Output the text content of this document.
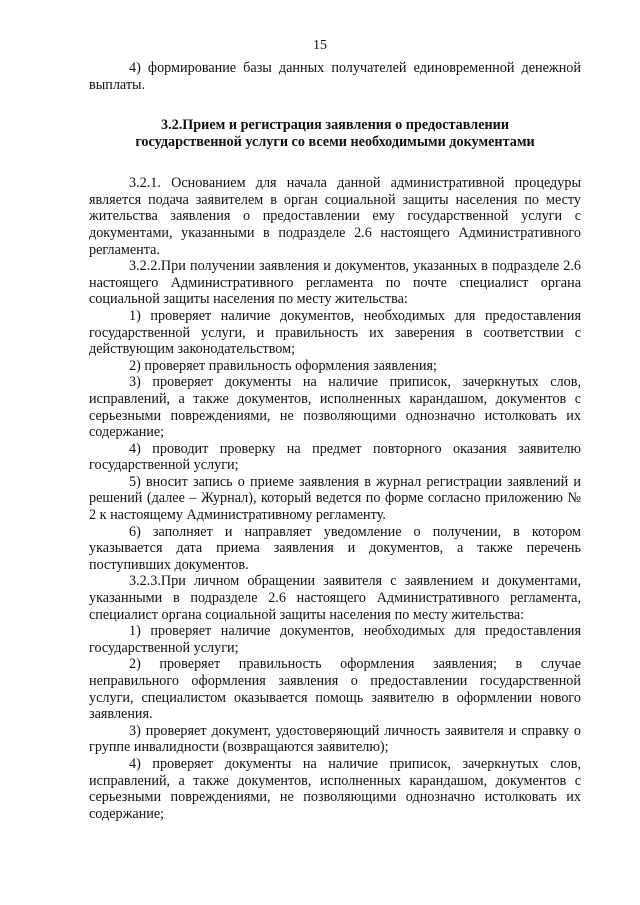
15

4) формирование базы данных получателей единовременной денежной выплаты.

3.2.Прием и регистрация заявления о предоставлении
государственной услуги со всеми необходимыми документами

3.2.1. Основанием для начала данной административной процедуры является подача заявителем в орган социальной защиты населения по месту жительства заявления о предоставлении ему государственной услуги с документами, указанными в подразделе 2.6 настоящего Административного регламента.

3.2.2.При получении заявления и документов, указанных в подразделе 2.6 настоящего Административного регламента по почте специалист органа социальной защиты населения по месту жительства:

1) проверяет наличие документов, необходимых для предоставления государственной услуги, и правильность их заверения в соответствии с действующим законодательством;

2) проверяет правильность оформления заявления;

3) проверяет документы на наличие приписок, зачеркнутых слов, исправлений, а также документов, исполненных карандашом, документов с серьезными повреждениями, не позволяющими однозначно истолковать их содержание;

4) проводит проверку на предмет повторного оказания заявителю государственной услуги;

5) вносит запись о приеме заявления в журнал регистрации заявлений и решений (далее – Журнал), который ведется по форме согласно приложению № 2 к настоящему Административному регламенту.

6) заполняет и направляет уведомление о получении, в котором указывается дата приема заявления и документов, а также перечень поступивших документов.

3.2.3.При личном обращении заявителя с заявлением и документами, указанными в подразделе 2.6 настоящего Административного регламента, специалист органа социальной защиты населения по месту жительства:

1) проверяет наличие документов, необходимых для предоставления государственной услуги;

2) проверяет правильность оформления заявления; в случае неправильного оформления заявления о предоставлении государственной услуги, специалистом оказывается помощь заявителю в оформлении нового заявления.

3) проверяет документ, удостоверяющий личность заявителя и справку о группе инвалидности (возвращаются заявителю);

4) проверяет документы на наличие приписок, зачеркнутых слов, исправлений, а также документов, исполненных карандашом, документов с серьезными повреждениями, не позволяющими однозначно истолковать их содержание;
